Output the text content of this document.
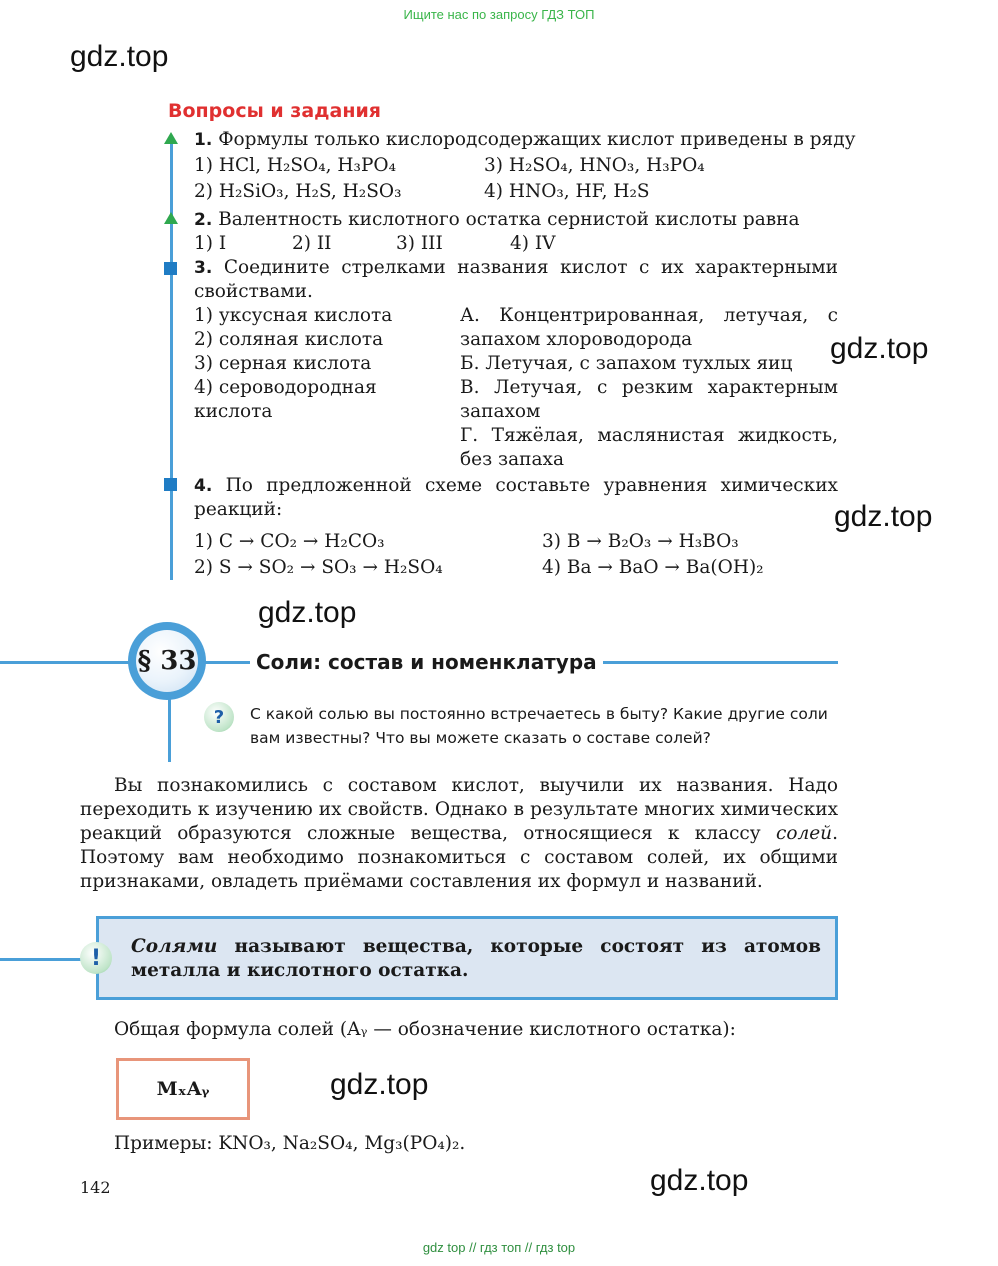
Ищите нас по запросу ГДЗ ТОП
gdz.top
gdz.top
gdz.top
gdz.top
gdz.top
gdz.top
Вопросы и задания
1. Формулы только кислородсодержащих кислот приведены в ряду
1) HCl, H₂SO₄, H₃PO₄	3) H₂SO₄, HNO₃, H₃PO₄
2) H₂SiO₃, H₂S, H₂SO₃	4) HNO₃, HF, H₂S
2. Валентность кислотного остатка сернистой кислоты равна
1) I	2) II	3) III	4) IV
3. Соедините стрелками названия кислот с их характерными свойствами.
1) уксусная кислота
2) соляная кислота
3) серная кислота
4) сероводородная
кислота
А. Концентрированная, летучая, с запахом хлороводорода
Б. Летучая, с запахом тухлых яиц
В. Летучая, с резким характерным запахом
Г. Тяжёлая, маслянистая жидкость, без запаха
4. По предложенной схеме составьте уравнения химических реакций:
1) C → CO₂ → H₂CO₃	3) B → B₂O₃ → H₃BO₃
2) S → SO₂ → SO₃ → H₂SO₄	4) Ba → BaO → Ba(OH)₂
§ 33	Соли: состав и номенклатура
?	С какой солью вы постоянно встречаетесь в быту? Какие другие соли вам известны? Что вы можете сказать о составе солей?
Вы познакомились с составом кислот, выучили их названия. Надо переходить к изучению их свойств. Однако в результате многих химических реакций образуются сложные вещества, относящиеся к классу солей. Поэтому вам необходимо познакомиться с составом солей, их общими признаками, овладеть приёмами составления их формул и названий.
Солями называют вещества, которые состоят из атомов металла и кислотного остатка.
!
Общая формула солей (Aᵧ — обозначение кислотного остатка):
MₓAᵧ
Примеры: KNO₃, Na₂SO₄, Mg₃(PO₄)₂.
142
gdz top // гдз топ // гдз top
